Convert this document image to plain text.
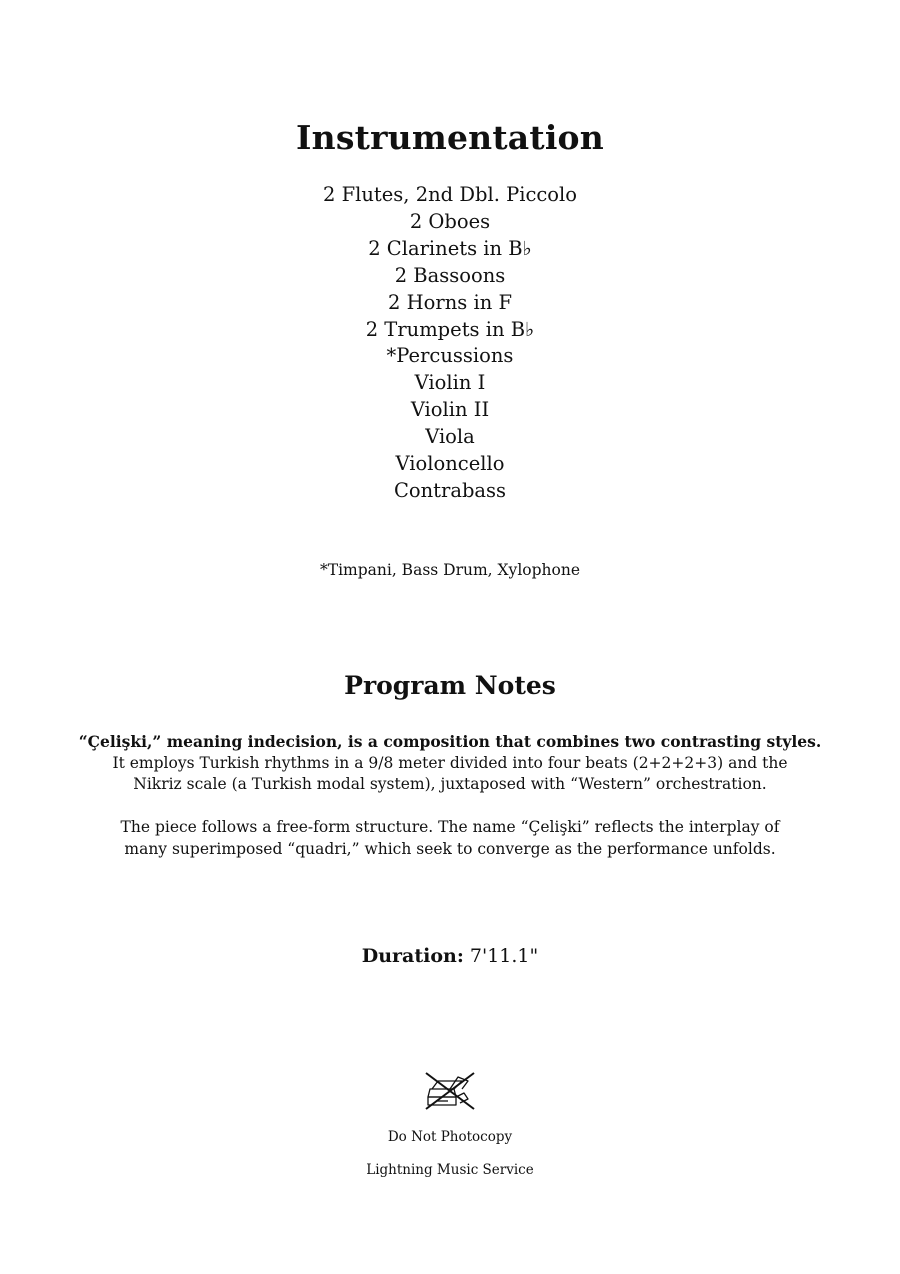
Instrumentation
2 Flutes, 2nd Dbl. Piccolo
2 Oboes
2 Clarinets in B♭
2 Bassoons
2 Horns in F
2 Trumpets in B♭
*Percussions
Violin I
Violin II
Viola
Violoncello
Contrabass
*Timpani, Bass Drum, Xylophone
Program Notes

“Çelişki,” meaning indecision, is a composition that combines two contrasting styles.

It employs Turkish rhythms in a 9/8 meter divided into four beats (2+2+2+3) and the

Nikriz scale (a Turkish modal system), juxtaposed with “Western” orchestration.

The piece follows a free-form structure. The name “Çelişki” reflects the interplay of

many superimposed “quadri,” which seek to converge as the performance unfolds.

Duration: 7'11.1"
Do Not Photocopy
Lightning Music Service
